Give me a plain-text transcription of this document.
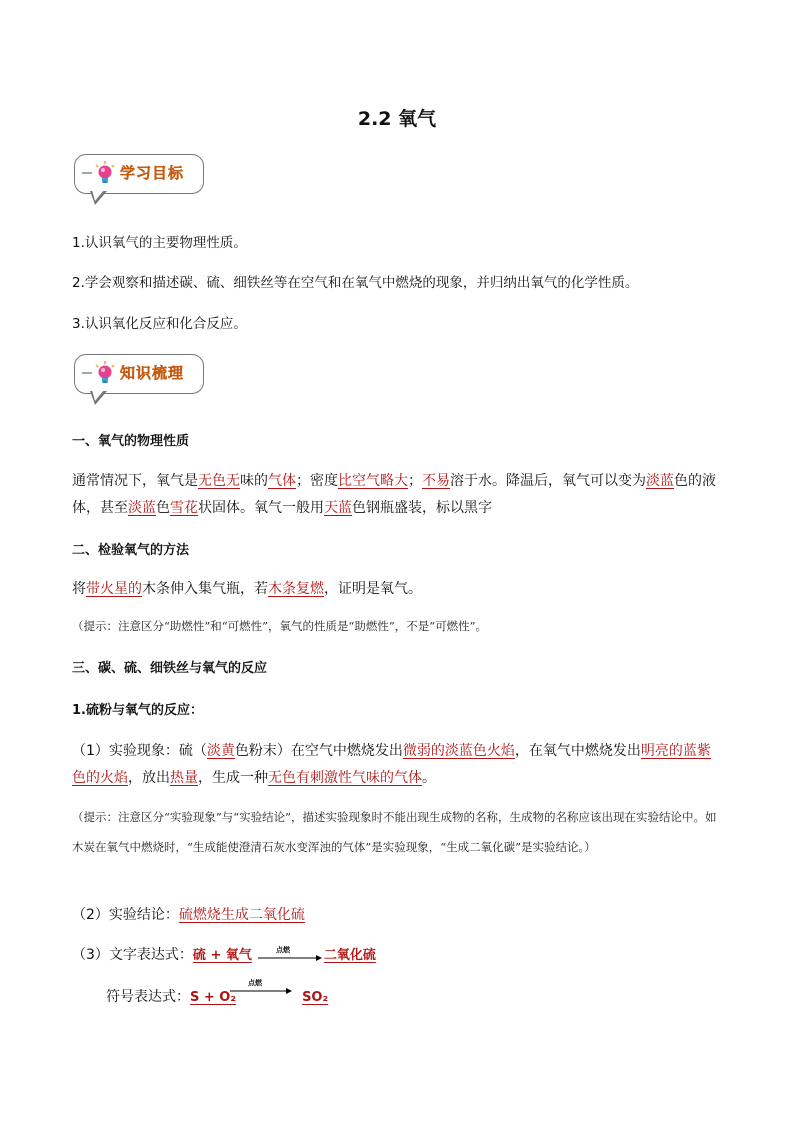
2.2 氧气
学习目标
1.认识氧气的主要物理性质。
2.学会观察和描述碳、硫、细铁丝等在空气和在氧气中燃烧的现象，并归纳出氧气的化学性质。
3.认识氧化反应和化合反应。
知识梳理
一、氧气的物理性质
通常情况下，氧气是无色无味的气体；密度比空气略大；不易溶于水。降温后，氧气可以变为淡蓝色的液体，甚至淡蓝色雪花状固体。氧气一般用天蓝色钢瓶盛装，标以黑字
二、检验氧气的方法
将带火星的木条伸入集气瓶，若木条复燃，证明是氧气。
（提示：注意区分“助燃性”和“可燃性”，氧气的性质是“助燃性”，不是“可燃性”。
三、碳、硫、细铁丝与氧气的反应
1.硫粉与氧气的反应：
（1）实验现象：硫（淡黄色粉末）在空气中燃烧发出微弱的淡蓝色火焰，在氧气中燃烧发出明亮的蓝紫色的火焰，放出热量，生成一种无色有刺激性气味的气体。
（提示：注意区分“实验现象”与“实验结论”，描述实验现象时不能出现生成物的名称，生成物的名称应该出现在实验结论中。如木炭在氧气中燃烧时，“生成能使澄清石灰水变浑浊的气体”是实验现象，“生成二氧化碳”是实验结论。）
（2）实验结论：硫燃烧生成二氧化硫
（3）文字表达式：硫 + 氧气	二氧化硫
点燃
符号表达式：S + O₂	SO₂
点燃
